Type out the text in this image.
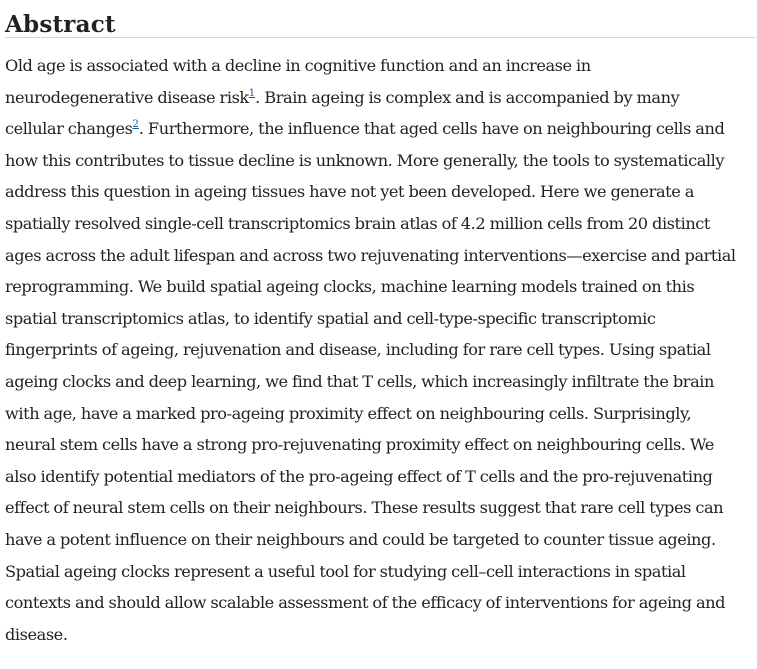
Abstract

Old age is associated with a decline in cognitive function and an increase in
neurodegenerative disease risk$^1$. Brain ageing is complex and is accompanied by many
cellular changes$^2$. Furthermore, the influence that aged cells have on neighbouring cells and
how this contributes to tissue decline is unknown. More generally, the tools to systematically
address this question in ageing tissues have not yet been developed. Here we generate a
spatially resolved single-cell transcriptomics brain atlas of 4.2 million cells from 20 distinct
ages across the adult lifespan and across two rejuvenating interventions—exercise and partial
reprogramming. We build spatial ageing clocks, machine learning models trained on this
spatial transcriptomics atlas, to identify spatial and cell-type-specific transcriptomic
fingerprints of ageing, rejuvenation and disease, including for rare cell types. Using spatial
ageing clocks and deep learning, we find that T cells, which increasingly infiltrate the brain
with age, have a marked pro-ageing proximity effect on neighbouring cells. Surprisingly,
neural stem cells have a strong pro-rejuvenating proximity effect on neighbouring cells. We
also identify potential mediators of the pro-ageing effect of T cells and the pro-rejuvenating
effect of neural stem cells on their neighbours. These results suggest that rare cell types can
have a potent influence on their neighbours and could be targeted to counter tissue ageing.
Spatial ageing clocks represent a useful tool for studying cell–cell interactions in spatial
contexts and should allow scalable assessment of the efficacy of interventions for ageing and
disease.
